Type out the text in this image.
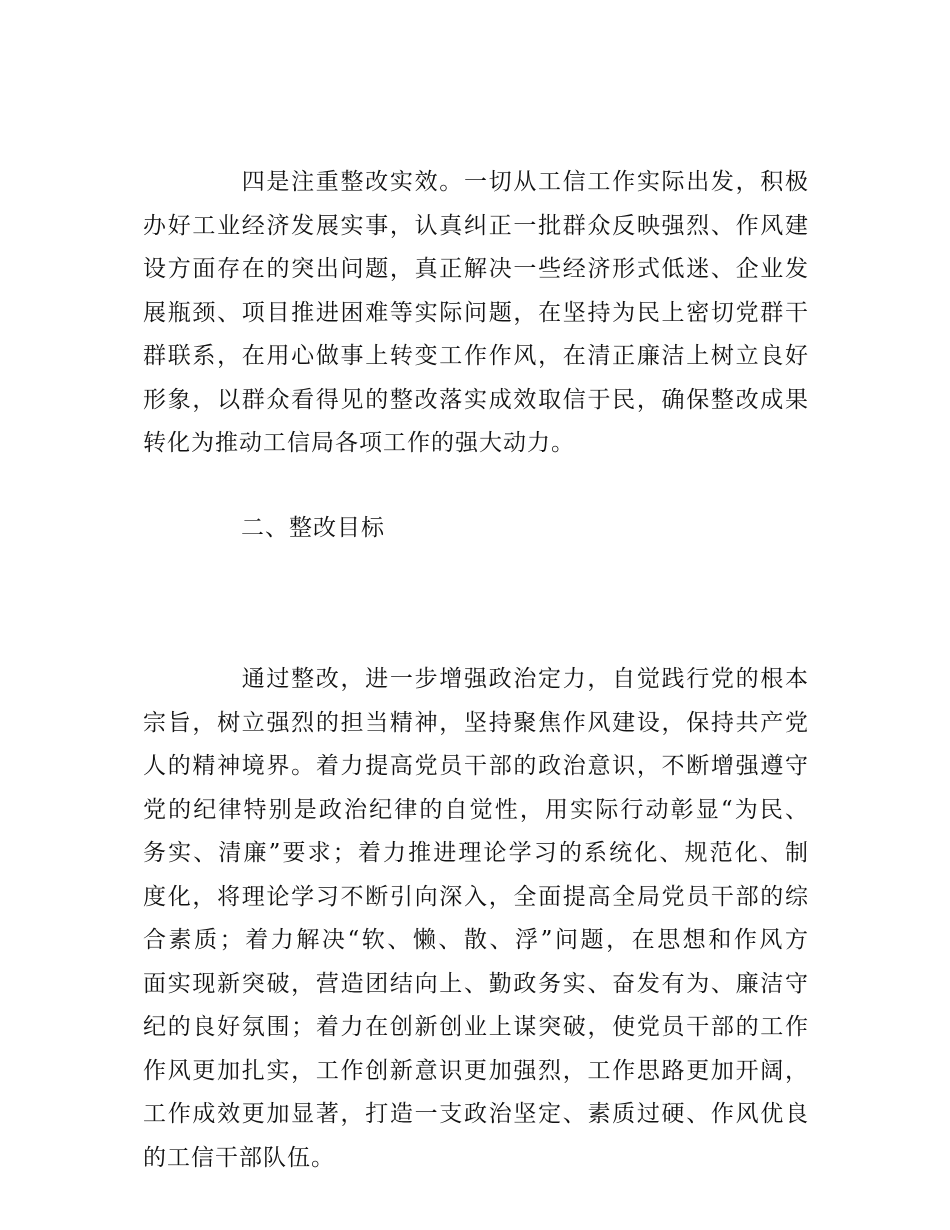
四是注重整改实效。一切从工信工作实际出发，积极
办好工业经济发展实事，认真纠正一批群众反映强烈、作风建
设方面存在的突出问题，真正解决一些经济形式低迷、企业发
展瓶颈、项目推进困难等实际问题，在坚持为民上密切党群干
群联系，在用心做事上转变工作作风，在清正廉洁上树立良好
形象，以群众看得见的整改落实成效取信于民，确保整改成果
转化为推动工信局各项工作的强大动力。
二、整改目标
通过整改，进一步增强政治定力，自觉践行党的根本
宗旨，树立强烈的担当精神，坚持聚焦作风建设，保持共产党
人的精神境界。着力提高党员干部的政治意识，不断增强遵守
党的纪律特别是政治纪律的自觉性，用实际行动彰显“为民、
务实、清廉”要求；着力推进理论学习的系统化、规范化、制
度化，将理论学习不断引向深入，全面提高全局党员干部的综
合素质；着力解决“软、懒、散、浮”问题，在思想和作风方
面实现新突破，营造团结向上、勤政务实、奋发有为、廉洁守
纪的良好氛围；着力在创新创业上谋突破，使党员干部的工作
作风更加扎实，工作创新意识更加强烈，工作思路更加开阔，
工作成效更加显著，打造一支政治坚定、素质过硬、作风优良
的工信干部队伍。
